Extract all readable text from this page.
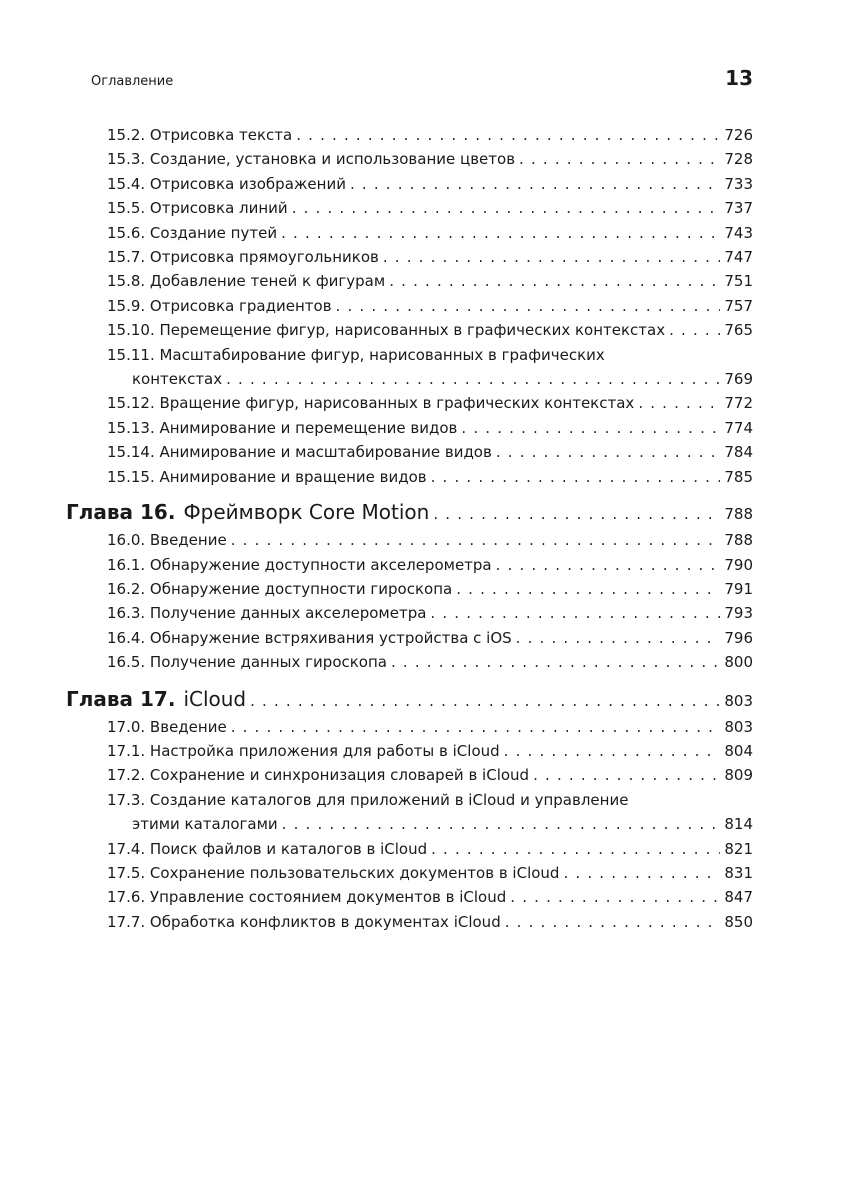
Оглавление	13
15.2. Отрисовка текста . . .	726
15.3. Создание, установка и использование цветов . . .	728
15.4. Отрисовка изображений . . .	733
15.5. Отрисовка линий . . .	737
15.6. Создание путей . . .	743
15.7. Отрисовка прямоугольников . . .	747
15.8. Добавление теней к фигурам . . .	751
15.9. Отрисовка градиентов . . .	757
15.10. Перемещение фигур, нарисованных в графических контекстах . . .	765
15.11. Масштабирование фигур, нарисованных в графических
контекстах . . .	769
15.12. Вращение фигур, нарисованных в графических контекстах . . .	772
15.13. Анимирование и перемещение видов . . .	774
15.14. Анимирование и масштабирование видов . . .	784
15.15. Анимирование и вращение видов . . .	785
Глава 16. Фреймворк Core Motion . . .	788
16.0. Введение . . .	788
16.1. Обнаружение доступности акселерометра . . .	790
16.2. Обнаружение доступности гироскопа . . .	791
16.3. Получение данных акселерометра . . .	793
16.4. Обнаружение встряхивания устройства с iOS . . .	796
16.5. Получение данных гироскопа . . .	800
Глава 17. iCloud . . .	803
17.0. Введение . . .	803
17.1. Настройка приложения для работы в iCloud . . .	804
17.2. Сохранение и синхронизация словарей в iCloud . . .	809
17.3. Создание каталогов для приложений в iCloud и управление
этими каталогами . . .	814
17.4. Поиск файлов и каталогов в iCloud . . .	821
17.5. Сохранение пользовательских документов в iCloud . . .	831
17.6. Управление состоянием документов в iCloud . . .	847
17.7. Обработка конфликтов в документах iCloud . . .	850
